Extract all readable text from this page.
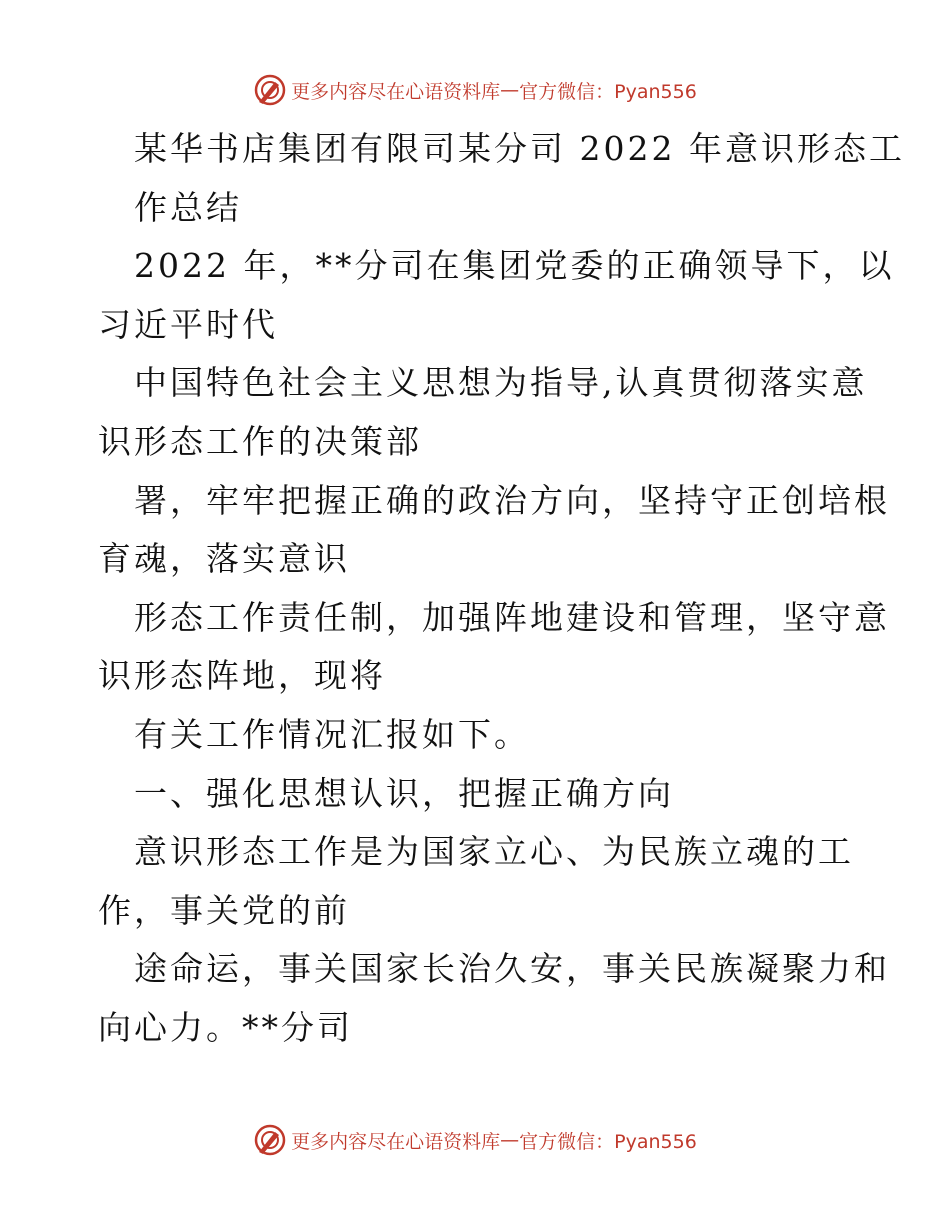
更多内容尽在心语资料库 — 官方微信：Pyan556

某华书店集团有限司某分司 2022 年意识形态工

作总结

2022 年，**分司在集团党委的正确领导下，以

习近平时代

中国特色社会主义思想为指导,认真贯彻落实意

识形态工作的决策部

署，牢牢把握正确的政治方向，坚持守正创培根

育魂，落实意识

形态工作责任制，加强阵地建设和管理，坚守意

识形态阵地，现将

有关工作情况汇报如下。

一、强化思想认识，把握正确方向

意识形态工作是为国家立心、为民族立魂的工

作，事关党的前

途命运，事关国家长治久安，事关民族凝聚力和

向心力。**分司

更多内容尽在心语资料库 — 官方微信：Pyan556
